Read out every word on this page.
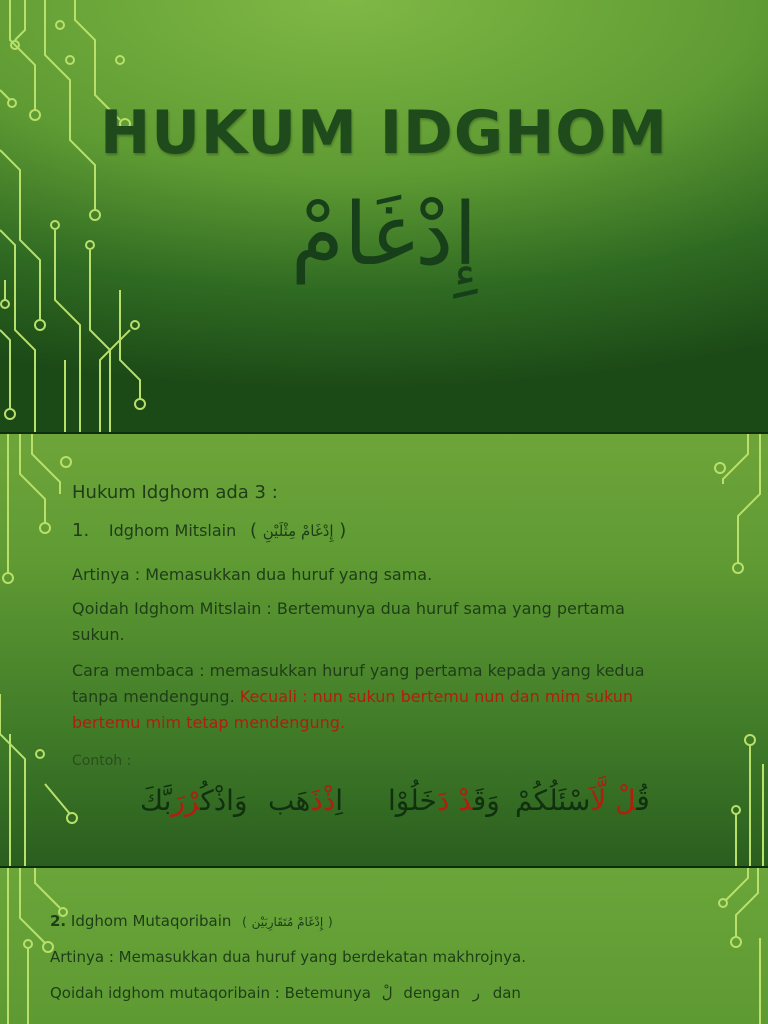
HUKUM IDGHOM
إِدْغَامْ
Hukum Idghom ada 3 :
1. Idghom Mitslain ( إِدْغَامْ مِثْلَيْنِ )
Artinya : Memasukkan dua huruf yang sama.
Qoidah Idghom Mitslain : Bertemunya dua huruf sama yang pertama sukun.
Cara membaca : memasukkan huruf yang pertama kepada yang kedua tanpa mendengung. Kecuali : nun sukun bertemu nun dan mim sukun bertemu mim tetap mendengung.
Contoh :
قُلْ لَّاَسْئَلُكُمْ
وَقَدْ دَخَلُوْا
اِذْذَهَب
وَاذْكُرْرَبَّكَ
2. Idghom Mutaqoribain ( إِدْغَامْ مُتَقَارِبَيْن )
Artinya : Memasukkan dua huruf yang berdekatan makhrojnya.
Qoidah idghom mutaqoribain : Betemunya لْ dengan ر dan
